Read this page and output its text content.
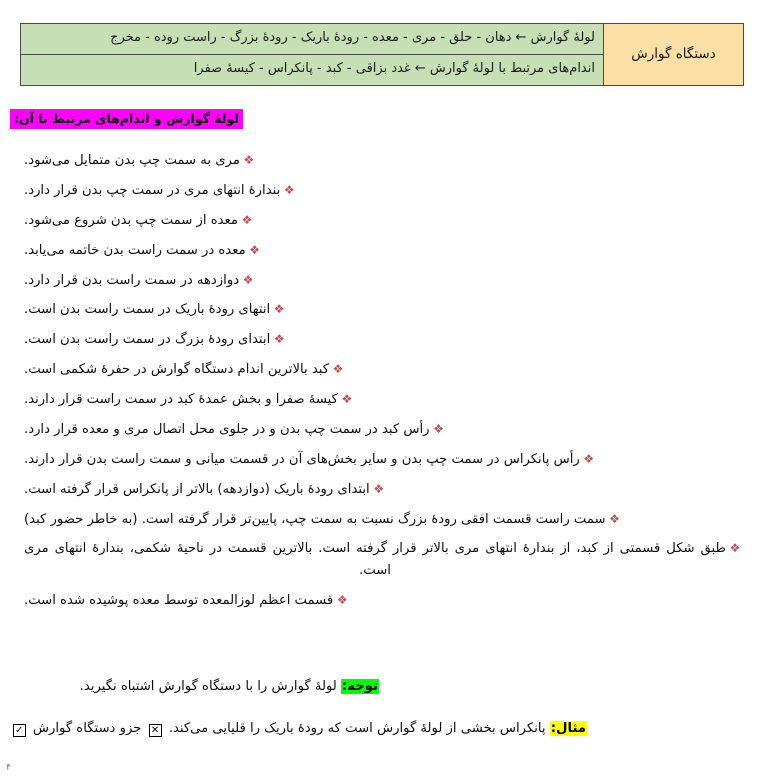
دستگاه گوارش	لولهٔ گوارش ← دهان - حلق - مری - معده - رودهٔ باریک - رودهٔ بزرگ - راست روده - مخرج
اندام‌های مرتبط با لولهٔ گوارش ← غدد بزاقی - کبد - پانکراس - کیسهٔ صفرا
لولهٔ گوارش و اندام‌های مرتبط با آن:
❖
مری به سمت چپ بدن متمایل می‌شود.
❖
بندارهٔ انتهای مری در سمت چپ بدن قرار دارد.
❖
معده از سمت چپ بدن شروع می‌شود.
❖
معده در سمت راست بدن خاتمه می‌یابد.
❖
دوازدهه در سمت راست بدن قرار دارد.
❖
انتهای رودهٔ باریک در سمت راست بدن است.
❖
ابتدای رودهٔ بزرگ در سمت راست بدن است.
❖
کبد بالاترین اندام دستگاه گوارش در حفرهٔ شکمی است.
❖
کیسهٔ صفرا و بخش عمدهٔ کبد در سمت راست قرار دارند.
❖
رأس کبد در سمت چپ بدن و در جلوی محل اتصال مری و معده قرار دارد.
❖
رأس پانکراس در سمت چپ بدن و سایر بخش‌های آن در قسمت میانی و سمت راست بدن قرار دارند.
❖
ابتدای رودهٔ باریک (دوازدهه) بالاتر از پانکراس قرار گرفته است.
❖
سمت راست قسمت افقی رودهٔ بزرگ نسبت به سمت چپ، پایین‌تر قرار گرفته است. (به خاطر حضور کبد)
❖
طبق شکل قسمتی از کبد، از بندارهٔ انتهای مری بالاتر قرار گرفته است. بالاترین قسمت در ناحیهٔ شکمی، بندارهٔ انتهای مری است.
❖
قسمت اعظم لوزالمعده توسط معده پوشیده شده است.
توجه: لولهٔ گوارش را با دستگاه گوارش اشتباه نگیرید.
مثال: پانکراس بخشی از لولهٔ گوارش است که رودهٔ باریک را قلیایی می‌کند. ✕ جزو دستگاه گوارش ✓
۴
